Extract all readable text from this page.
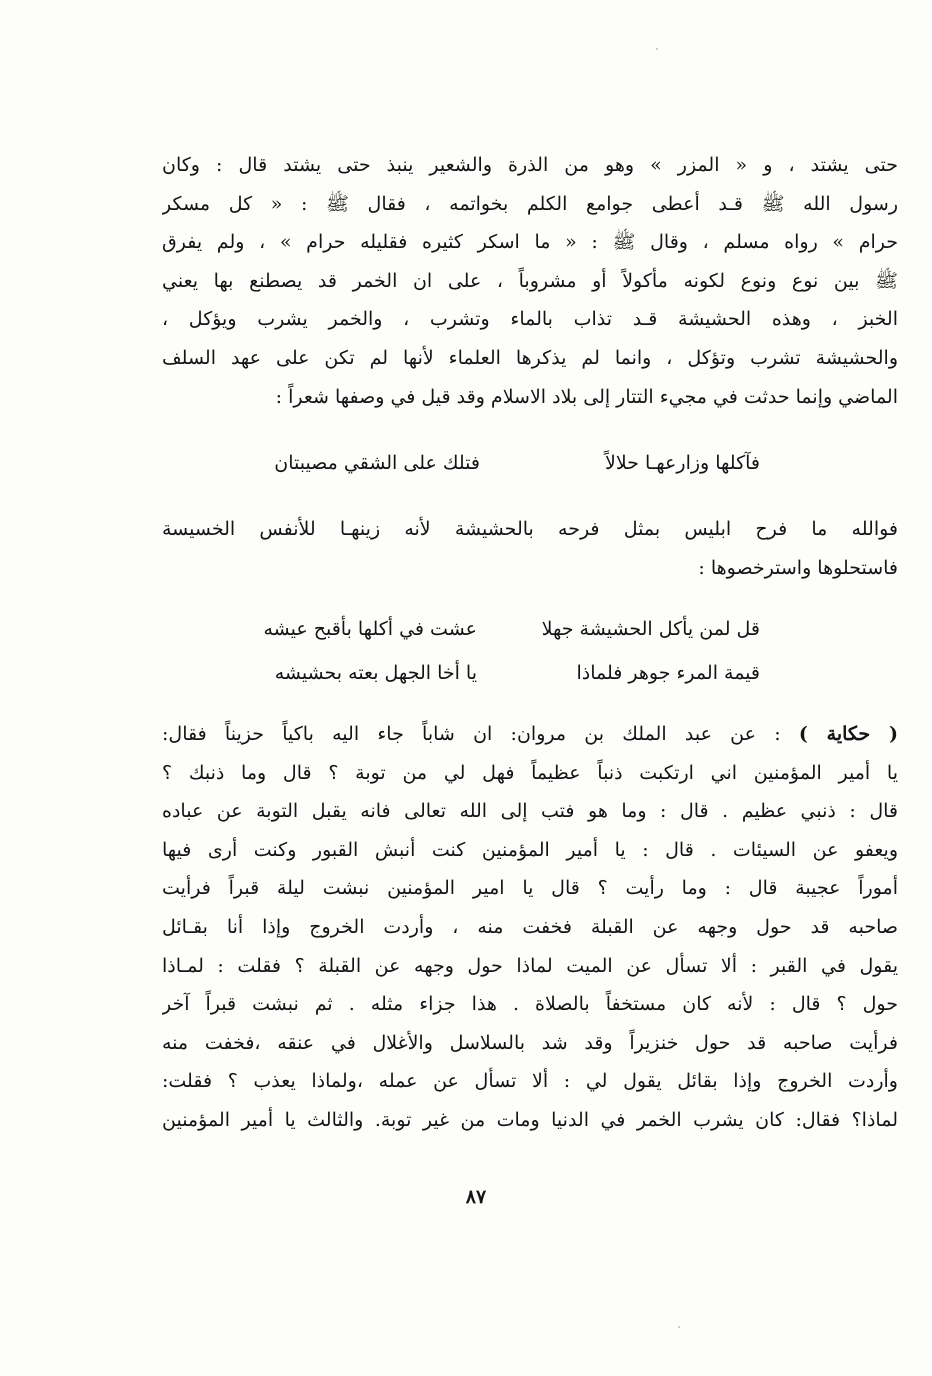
حتى يشتد ، و « المزر » وهو من الذرة والشعير ينبذ حتى يشتد قال : وكان
رسول الله ﷺ قـد أعطى جوامع الكلم بخواتمه ، فقال ﷺ : « كل مسكر
حرام » رواه مسلم ، وقال ﷺ : « ما اسكر كثيره فقليله حرام » ، ولم يفرق
ﷺ بين نوع ونوع لكونه مأكولاً أو مشروباً ، على ان الخمر قد يصطنع بها يعني
الخبز ، وهذه الحشيشة قـد تذاب بالماء وتشرب ، والخمر يشرب ويؤكل ،
والحشيشة تشرب وتؤكل ، وانما لم يذكرها العلماء لأنها لم تكن على عهد السلف
الماضي وإنما حدثت في مجيء التتار إلى بلاد الاسلام وقد قيل في وصفها شعراً :
فآكلها وزارعهـا حلالاً
فتلك على الشقي مصيبتان
فوالله ما فرح ابليس بمثل فرحه بالحشيشة لأنه زينهـا للأنفس الخسيسة
فاستحلوها واسترخصوها :
قل لمن يأكل الحشيشة جهلا
عشت في أكلها بأقبح عيشه
قيمة المرء جوهر فلماذا
يا أخا الجهل بعته بحشيشه
( حكاية ) : عن عبد الملك بن مروان: ان شاباً جاء اليه باكياً حزيناً فقال:
يا أمير المؤمنين اني ارتكبت ذنباً عظيماً فهل لي من توبة ؟ قال وما ذنبك ؟
قال : ذنبي عظيم . قال : وما هو فتب إلى الله تعالى فانه يقبل التوبة عن عباده
ويعفو عن السيئات . قال : يا أمير المؤمنين كنت أنبش القبور وكنت أرى فيها
أموراً عجيبة قال : وما رأيت ؟ قال يا امير المؤمنين نبشت ليلة قبراً فرأيت
صاحبه قد حول وجهه عن القبلة فخفت منه ، وأردت الخروج وإذا أنا بقـائل
يقول في القبر : ألا تسأل عن الميت لماذا حول وجهه عن القبلة ؟ فقلت : لمـاذا
حول ؟ قال : لأنه كان مستخفاً بالصلاة . هذا جزاء مثله . ثم نبشت قبراً آخر
فرأيت صاحبه قد حول خنزيراً وقد شد بالسلاسل والأغلال في عنقه ،فخفت منه
وأردت الخروج وإذا بقائل يقول لي : ألا تسأل عن عمله ،ولماذا يعذب ؟ فقلت:
لماذا؟ فقال: كان يشرب الخمر في الدنيا ومات من غير توبة. والثالث يا أمير المؤمنين
٨٧
